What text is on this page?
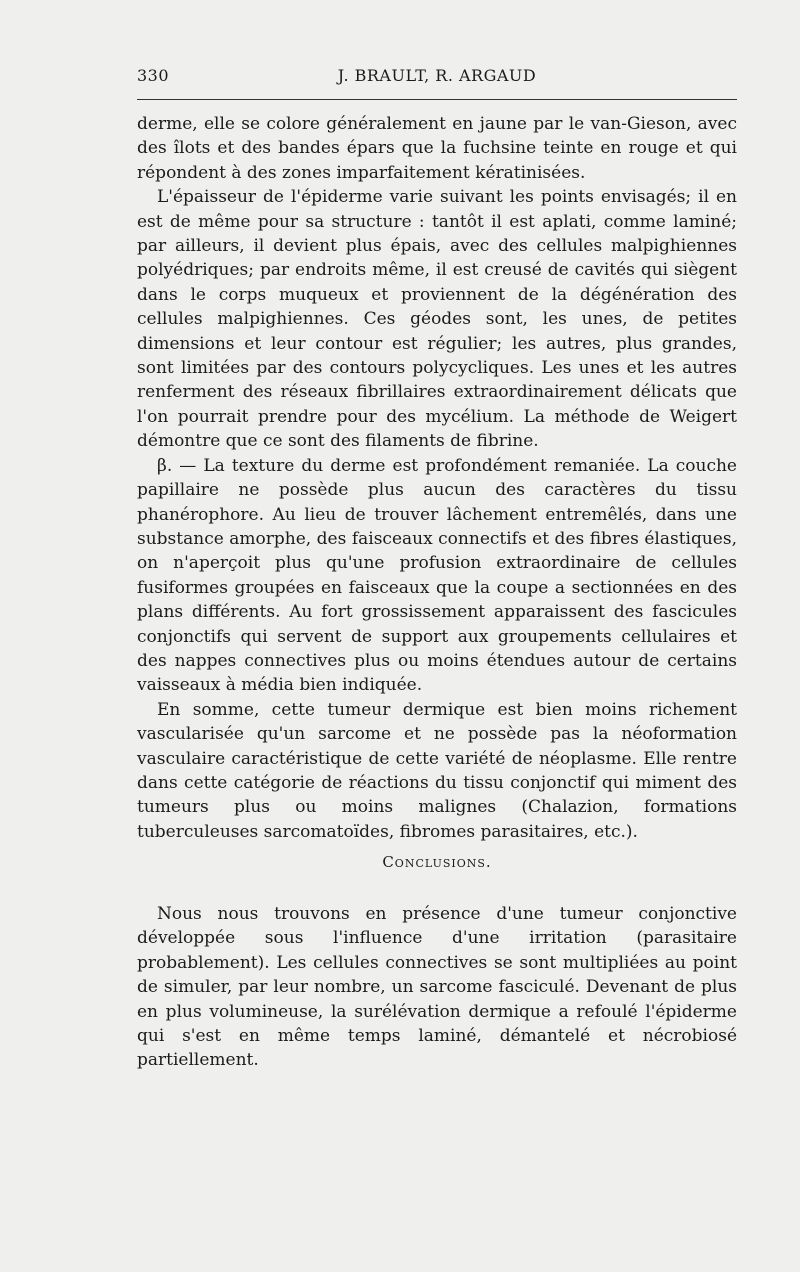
330	J. BRAULT, R. ARGAUD

derme, elle se colore généralement en jaune par le van-Gieson, avec des îlots et des bandes épars que la fuchsine teinte en rouge et qui répondent à des zones imparfaitement kératinisées.

L'épaisseur de l'épiderme varie suivant les points envisagés; il en est de même pour sa structure : tantôt il est aplati, comme laminé; par ailleurs, il devient plus épais, avec des cellules malpighiennes polyédriques; par endroits même, il est creusé de cavités qui siègent dans le corps muqueux et proviennent de la dégénération des cellules malpighiennes. Ces géodes sont, les unes, de petites dimensions et leur contour est régulier; les autres, plus grandes, sont limitées par des contours polycycliques. Les unes et les autres renferment des réseaux fibrillaires extraordinairement délicats que l'on pourrait prendre pour des mycélium. La méthode de Weigert démontre que ce sont des filaments de fibrine.

β. — La texture du derme est profondément remaniée. La couche papillaire ne possède plus aucun des caractères du tissu phanérophore. Au lieu de trouver lâchement entremêlés, dans une substance amorphe, des faisceaux connectifs et des fibres élastiques, on n'aperçoit plus qu'une profusion extraordinaire de cellules fusiformes groupées en faisceaux que la coupe a sectionnées en des plans différents. Au fort grossissement apparaissent des fascicules conjonctifs qui servent de support aux groupements cellulaires et des nappes connectives plus ou moins étendues autour de certains vaisseaux à média bien indiquée.

En somme, cette tumeur dermique est bien moins richement vascularisée qu'un sarcome et ne possède pas la néoformation vasculaire caractéristique de cette variété de néoplasme. Elle rentre dans cette catégorie de réactions du tissu conjonctif qui miment des tumeurs plus ou moins malignes (Chalazion, formations tuberculeuses sarcomatoïdes, fibromes parasitaires, etc.).

Conclusions.

Nous nous trouvons en présence d'une tumeur conjonctive développée sous l'influence d'une irritation (parasitaire probablement). Les cellules connectives se sont multipliées au point de simuler, par leur nombre, un sarcome fasciculé. Devenant de plus en plus volumineuse, la surélévation dermique a refoulé l'épiderme qui s'est en même temps laminé, démantelé et nécrobiosé partiellement.
